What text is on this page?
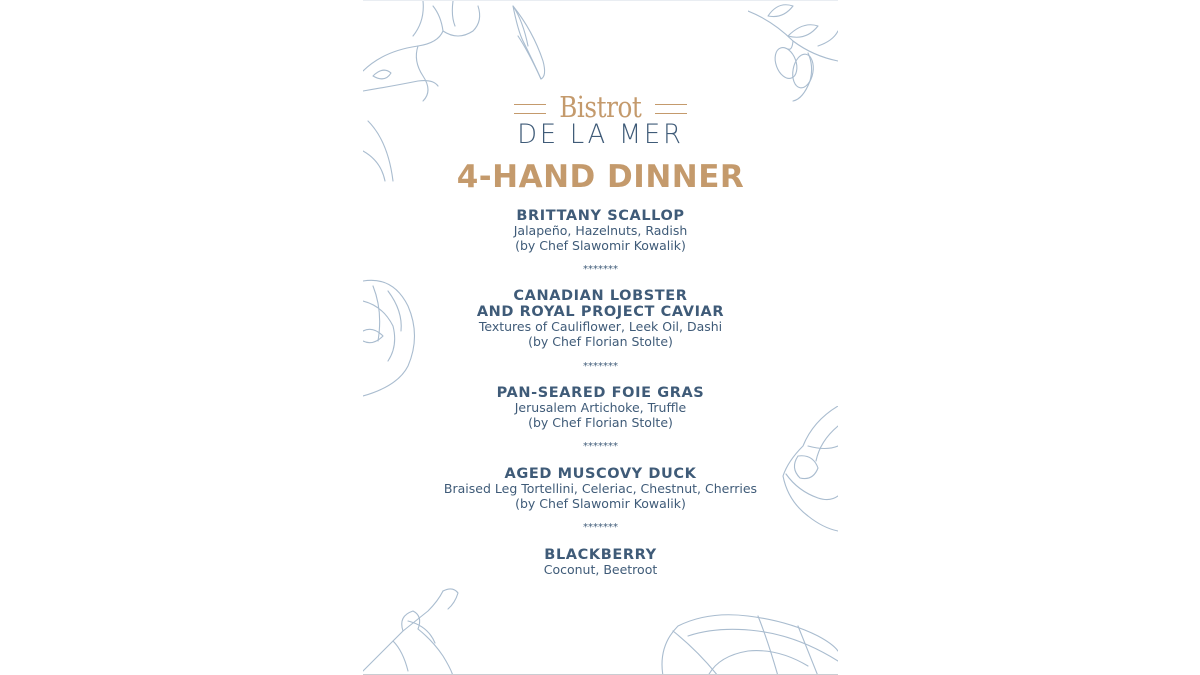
Bistrot
DE LA MER
4-HAND DINNER
BRITTANY SCALLOP
Jalapeño, Hazelnuts, Radish
(by Chef Slawomir Kowalik)
*******
CANADIAN LOBSTER
AND ROYAL PROJECT CAVIAR
Textures of Cauliflower, Leek Oil, Dashi
(by Chef Florian Stolte)
*******
PAN-SEARED FOIE GRAS
Jerusalem Artichoke, Truffle
(by Chef Florian Stolte)
*******
AGED MUSCOVY DUCK
Braised Leg Tortellini, Celeriac, Chestnut, Cherries
(by Chef Slawomir Kowalik)
*******
BLACKBERRY
Coconut, Beetroot
